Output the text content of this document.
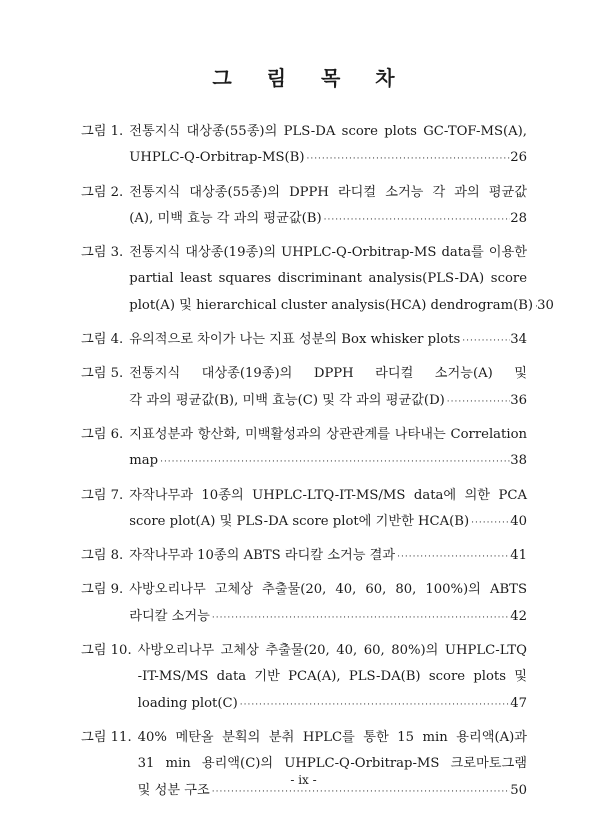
그 림 목 차
그림 1. 전통지식 대상종(55종)의 PLS-DA score plots GC-TOF-MS(A),
UHPLC-Q-Orbitrap-MS(B) ·····	26
그림 2. 전통지식 대상종(55종)의 DPPH 라디컬 소거능 각 과의 평균값
(A), 미백 효능 각 과의 평균값(B) ·····	28
그림 3. 전통지식 대상종(19종)의 UHPLC-Q-Orbitrap-MS data를 이용한
partial least squares discriminant analysis(PLS-DA) score
plot(A) 및 hierarchical cluster analysis(HCA) dendrogram(B) ····· 30
그림 4. 유의적으로 차이가 나는 지표 성분의 Box whisker plots ·····	34
그림 5. 전통지식 대상종(19종)의 DPPH 라디컬 소거능(A) 및
각 과의 평균값(B), 미백 효능(C) 및 각 과의 평균값(D) ·····	36
그림 6. 지표성분과 항산화, 미백활성과의 상관관계를 나타내는 Correlation
map ·····	38
그림 7. 자작나무과 10종의 UHPLC-LTQ-IT-MS/MS data에 의한 PCA
score plot(A) 및 PLS-DA score plot에 기반한 HCA(B) ·····	40
그림 8. 자작나무과 10종의 ABTS 라디칼 소거능 결과 ·····	41
그림 9. 사방오리나무 고체상 추출물(20, 40, 60, 80, 100%)의 ABTS
라디칼 소거능 ·····	42
그림 10. 사방오리나무 고체상 추출물(20, 40, 60, 80%)의 UHPLC-LTQ
-IT-MS/MS data 기반 PCA(A), PLS-DA(B) score plots 및
loading plot(C) ·····	47
그림 11. 40% 메탄올 분획의 분취 HPLC를 통한 15 min 용리액(A)과
31 min 용리액(C)의 UHPLC-Q-Orbitrap-MS 크로마토그램
및 성분 구조 ·····	50
- ix -
